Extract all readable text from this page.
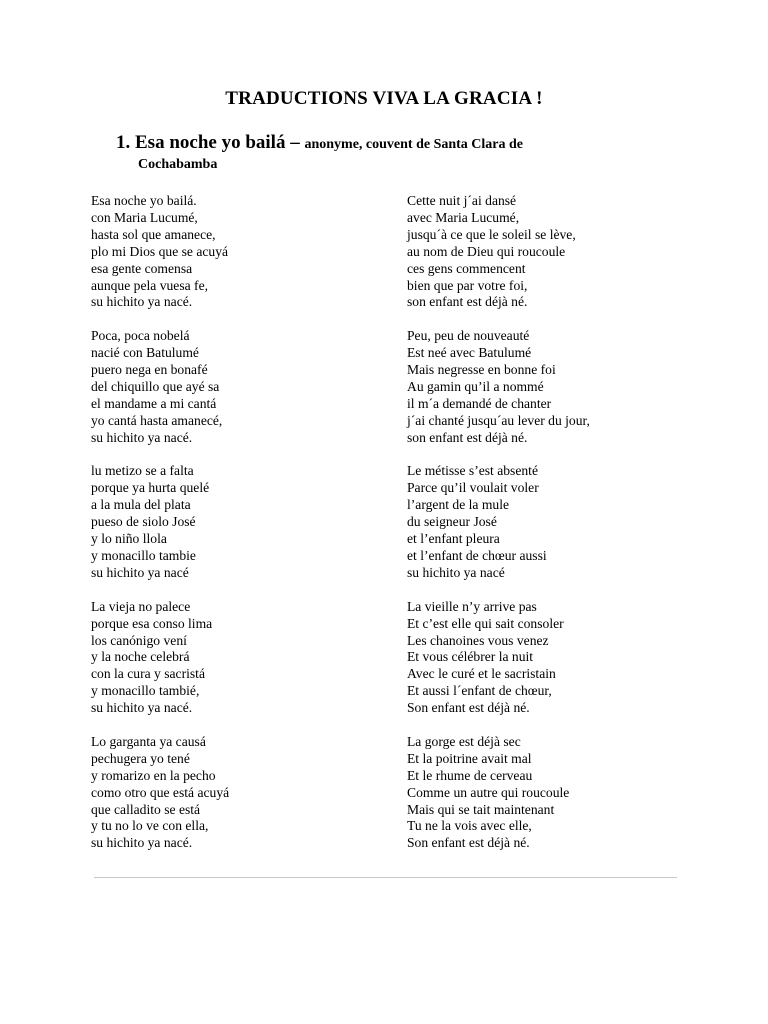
TRADUCTIONS VIVA LA GRACIA !
1. Esa noche yo bailá – anonyme, couvent de Santa Clara de
Cochabamba
Esa noche yo bailá.
con Maria Lucumé,
hasta sol que amanece,
plo mi Dios que se acuyá
esa gente comensa
aunque pela vuesa fe,
su hichito ya nacé.
Poca, poca nobelá
nacié con Batulumé
puero nega en bonafé
del chiquillo que ayé sa
el mandame a mi cantá
yo cantá hasta amanecé,
su hichito ya nacé.
lu metizo se a falta
porque ya hurta quelé
a la mula del plata
pueso de siolo José
y lo niño llola
y monacillo tambie
su hichito ya nacé
La vieja no palece
porque esa conso lima
los canónigo vení
y la noche celebrá
con la cura y sacristá
y monacillo tambié,
su hichito ya nacé.
Lo garganta ya causá
pechugera yo tené
y romarizo en la pecho
como otro que está acuyá
que calladito se está
y tu no lo ve con ella,
su hichito ya nacé.
Cette nuit j´ai dansé
avec Maria Lucumé,
jusqu´à ce que le soleil se lève,
au nom de Dieu qui roucoule
ces gens commencent
bien que par votre foi,
son enfant est déjà né.
Peu, peu de nouveauté
Est neé avec Batulumé
Mais negresse en bonne foi
Au gamin qu’il a nommé
il m´a demandé de chanter
j´ai chanté jusqu´au lever du jour,
son enfant est déjà né.
Le métisse s’est absenté
Parce qu’il voulait voler
l’argent de la mule
du seigneur José
et l’enfant pleura
et l’enfant de chœur aussi
su hichito ya nacé
La vieille n’y arrive pas
Et c’est elle qui sait consoler
Les chanoines vous venez
Et vous célébrer la nuit
Avec le curé et le sacristain
Et aussi l´enfant de chœur,
Son enfant est déjà né.
La gorge est déjà sec
Et la poitrine avait mal
Et le rhume de cerveau
Comme un autre qui roucoule
Mais qui se tait maintenant
Tu ne la vois avec elle,
Son enfant est déjà né.
